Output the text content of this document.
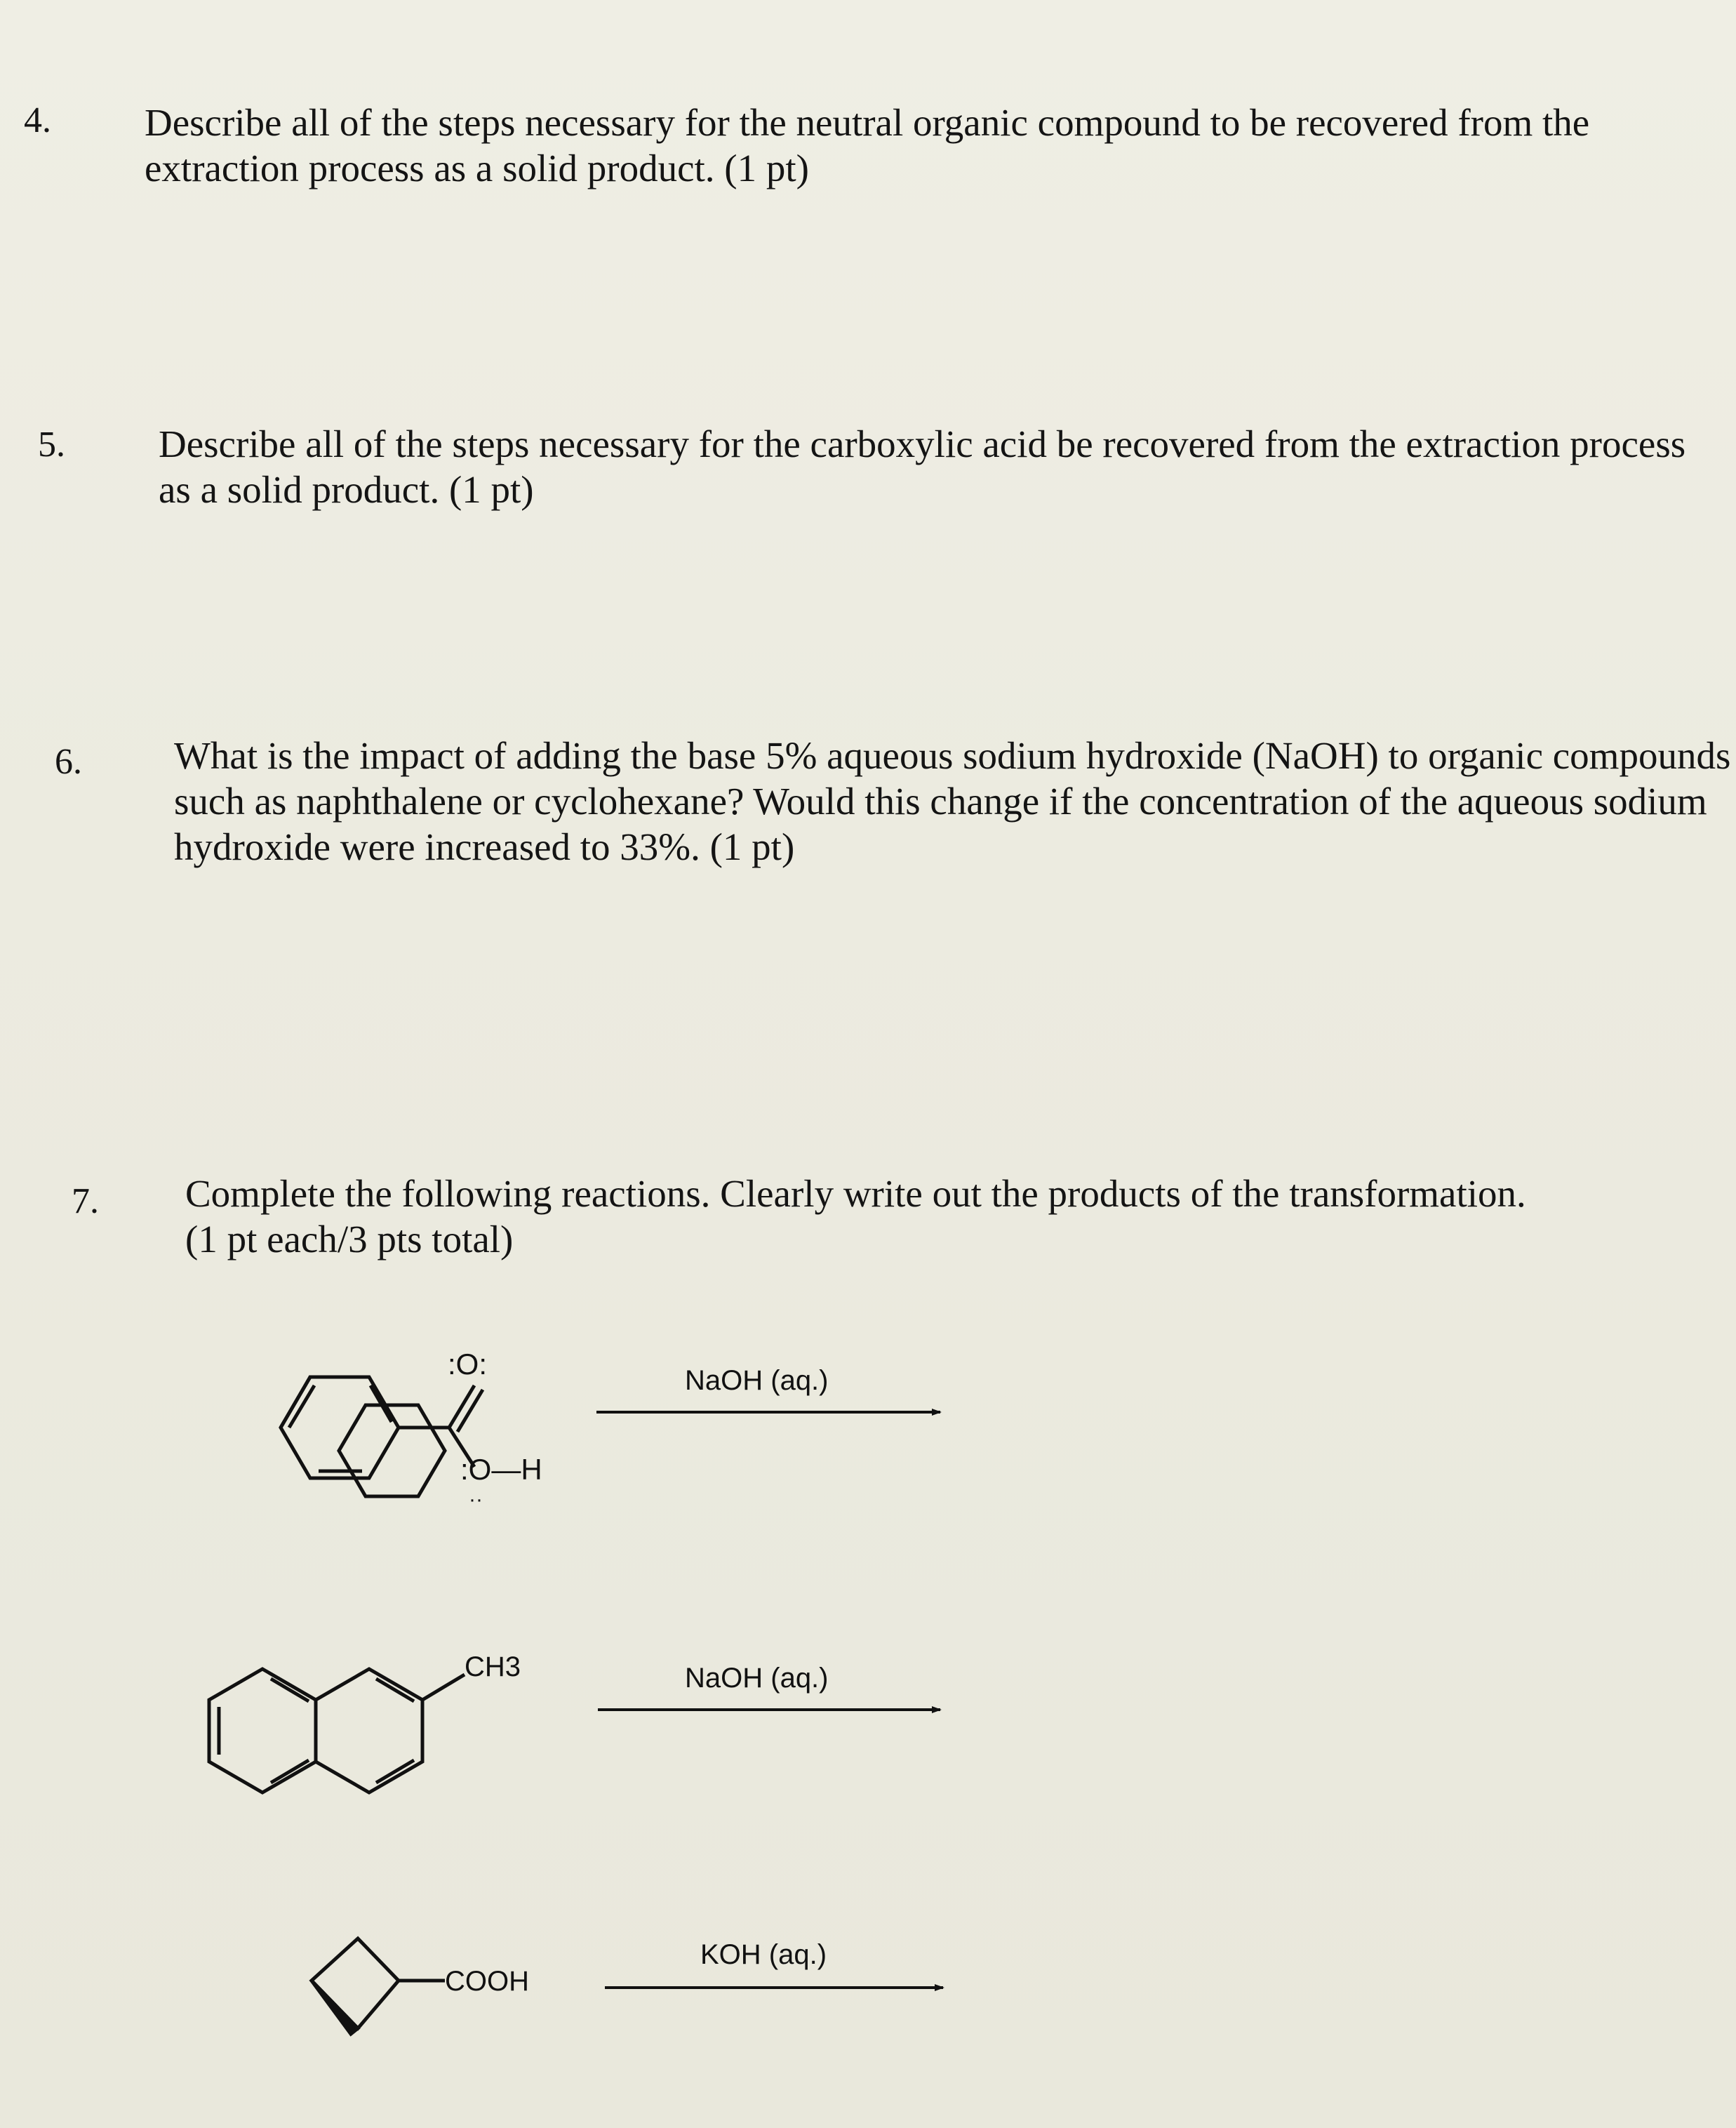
4. Describe all of the steps necessary for the neutral organic compound to be recovered from the
extraction process as a solid product. (1 pt)
5. Describe all of the steps necessary for the carboxylic acid be recovered from the extraction process
as a solid product. (1 pt)
6. What is the impact of adding the base 5% aqueous sodium hydroxide (NaOH) to organic compounds
such as naphthalene or cyclohexane? Would this change if the concentration of the aqueous sodium
hydroxide were increased to 33%. (1 pt)
7. Complete the following reactions. Clearly write out the products of the transformation.
(1 pt each/3 pts total)
:O:
:O—H
··
NaOH (aq.)
CH3	NaOH (aq.)
COOH
KOH (aq.)
